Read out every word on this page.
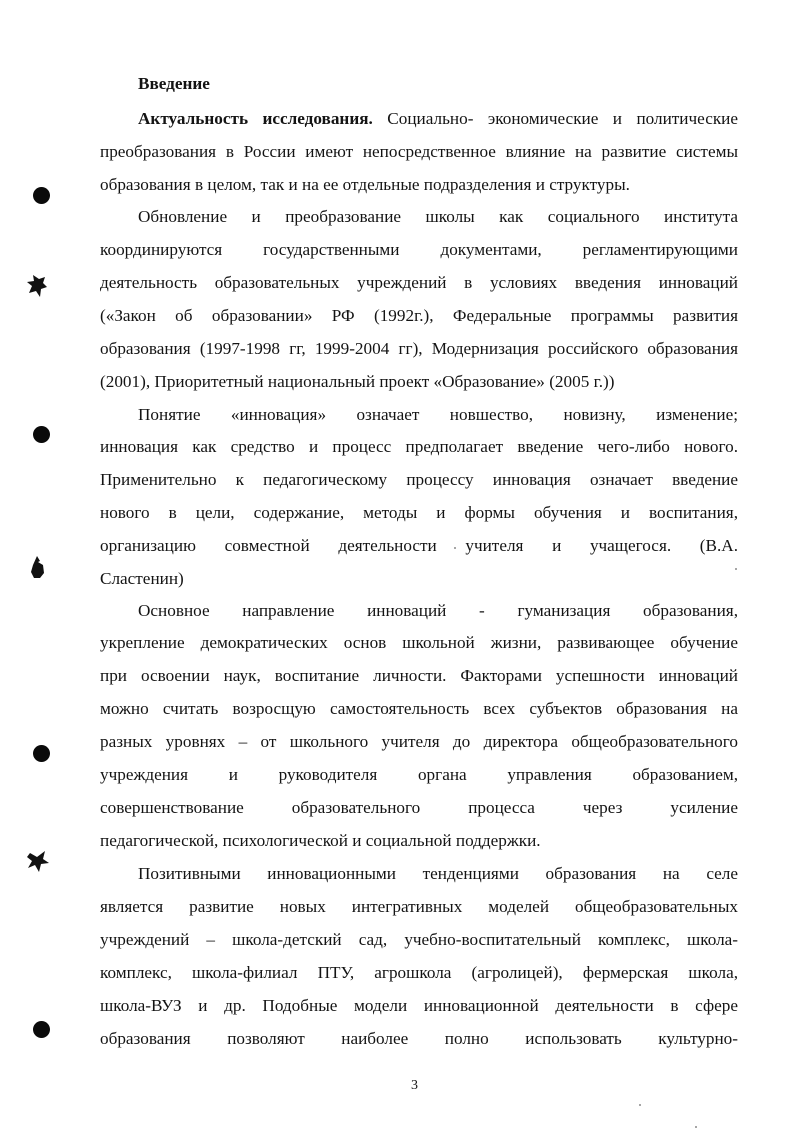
Введение
Актуальность исследования. Социально- экономические и политические
преобразования в России имеют непосредственное влияние на развитие системы
образования в целом, так и на ее отдельные подразделения и структуры.
Обновление и преобразование школы как социального института
координируются государственными документами, регламентирующими
деятельность образовательных учреждений в условиях введения инноваций
(«Закон об образовании» РФ (1992г.), Федеральные программы развития
образования (1997-1998 гг, 1999-2004 гг), Модернизация российского образования
(2001), Приоритетный национальный проект «Образование» (2005 г.))
Понятие «инновация» означает новшество, новизну, изменение;
инновация как средство и процесс предполагает введение чего-либо нового.
Применительно к педагогическому процессу инновация означает введение
нового в цели, содержание, методы и формы обучения и воспитания,
организацию совместной деятельности учителя и учащегося. (В.А.
Сластенин)
Основное направление инноваций - гуманизация образования,
укрепление демократических основ школьной жизни, развивающее обучение
при освоении наук, воспитание личности. Факторами успешности инноваций
можно считать возросщую самостоятельность всех субъектов образования на
разных уровнях – от школьного учителя до директора общеобразовательного
учреждения и руководителя органа управления образованием,
совершенствование образовательного процесса через усиление
педагогической, психологической и социальной поддержки.
Позитивными инновационными тенденциями образования на селе
является развитие новых интегративных моделей общеобразовательных
учреждений – школа-детский сад, учебно-воспитательный комплекс, школа-
комплекс, школа-филиал ПТУ, агрошкола (агролицей), фермерская школа,
школа-ВУЗ и др. Подобные модели инновационной деятельности в сфере
образования позволяют наиболее полно использовать культурно-
3
